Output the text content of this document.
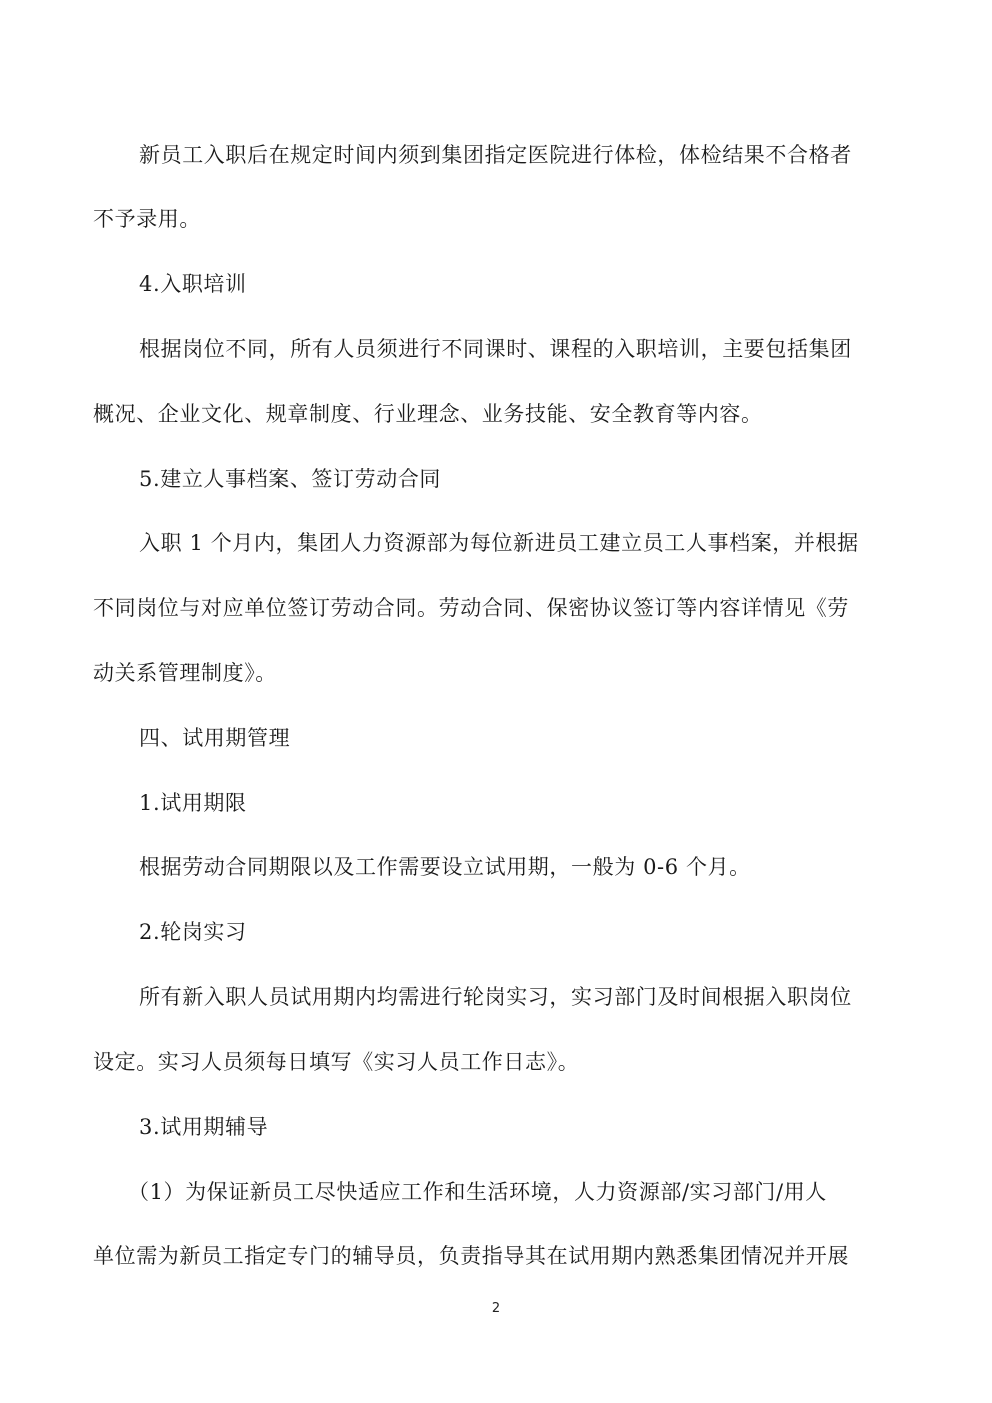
新员工入职后在规定时间内须到集团指定医院进行体检，体检结果不合格者
不予录用。
4.入职培训
根据岗位不同，所有人员须进行不同课时、课程的入职培训，主要包括集团
概况、企业文化、规章制度、行业理念、业务技能、安全教育等内容。
5.建立人事档案、签订劳动合同
入职 1 个月内，集团人力资源部为每位新进员工建立员工人事档案，并根据
不同岗位与对应单位签订劳动合同。劳动合同、保密协议签订等内容详情见《劳
动关系管理制度》。
四、试用期管理
1.试用期限
根据劳动合同期限以及工作需要设立试用期，一般为 0-6 个月。
2.轮岗实习
所有新入职人员试用期内均需进行轮岗实习，实习部门及时间根据入职岗位
设定。实习人员须每日填写《实习人员工作日志》。
3.试用期辅导
（1）为保证新员工尽快适应工作和生活环境，人力资源部/实习部门/用人
单位需为新员工指定专门的辅导员，负责指导其在试用期内熟悉集团情况并开展
2
